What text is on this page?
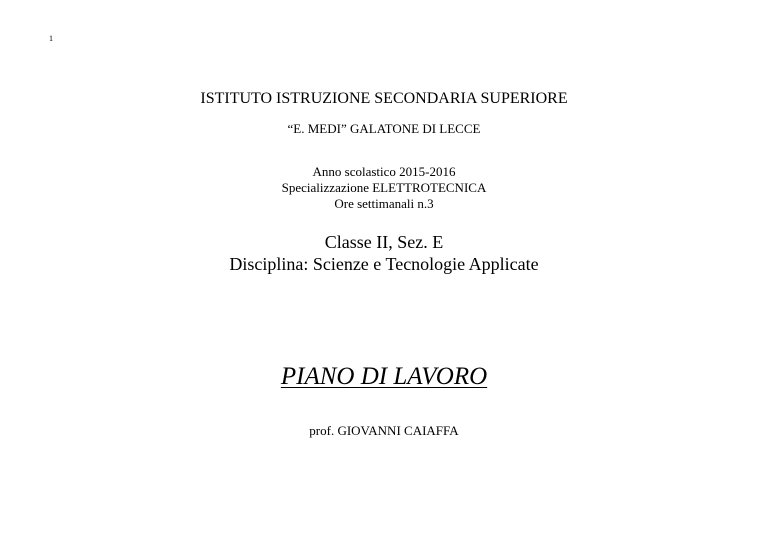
1
ISTITUTO ISTRUZIONE SECONDARIA SUPERIORE
“E. MEDI” GALATONE DI LECCE
Anno scolastico 2015-2016
Specializzazione ELETTROTECNICA
Ore settimanali n.3
Classe II, Sez. E
Disciplina: Scienze e Tecnologie Applicate
PIANO DI LAVORO
prof. GIOVANNI CAIAFFA
